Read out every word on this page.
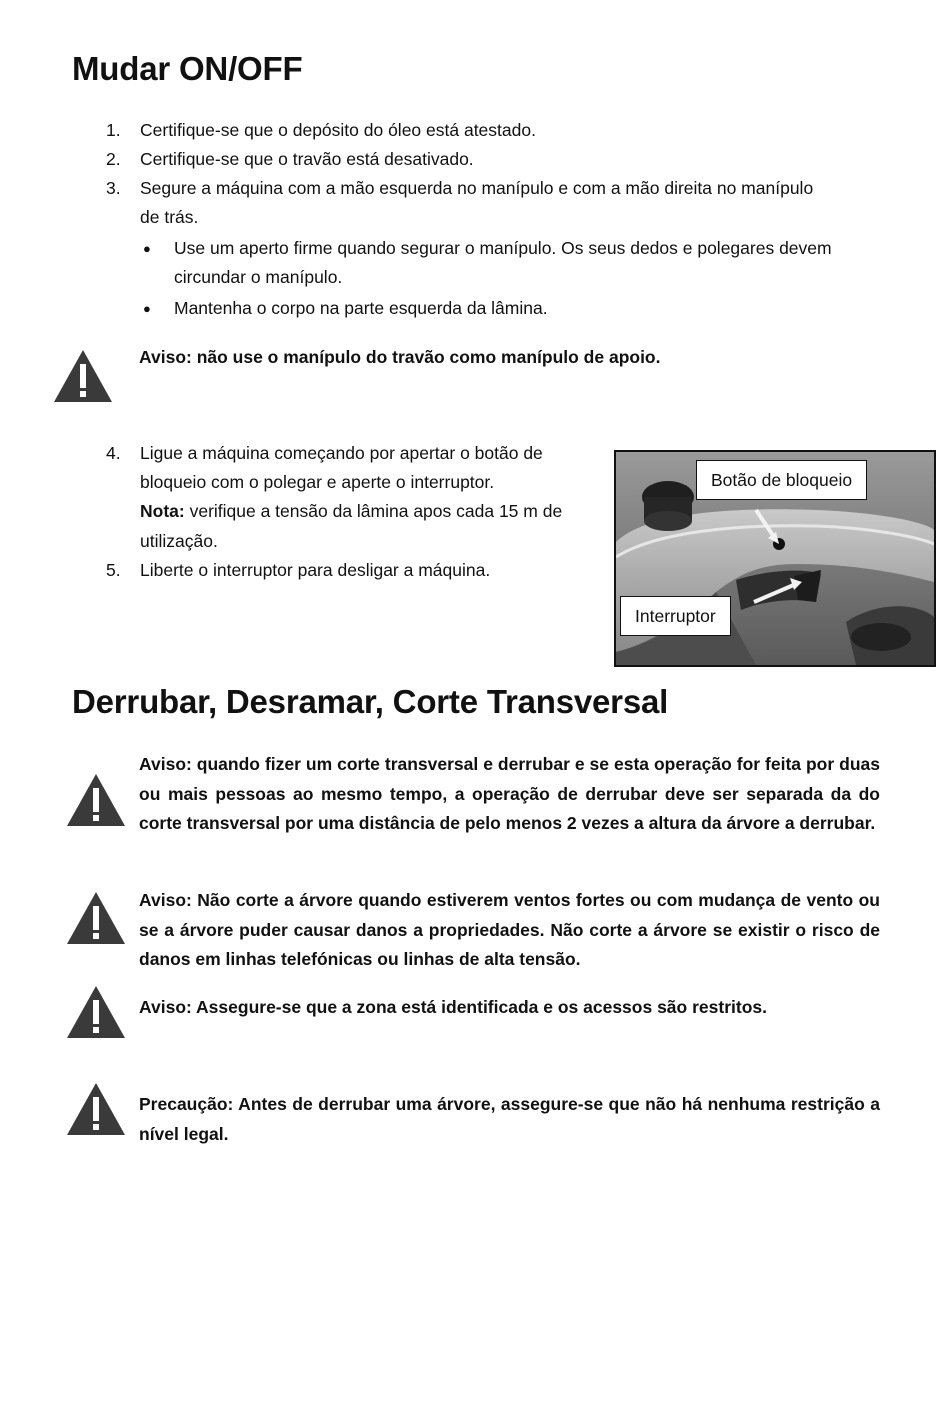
Mudar ON/OFF
1. Certifique-se que o depósito do óleo está atestado.
2. Certifique-se que o travão está desativado.
3. Segure a máquina com a mão esquerda no manípulo e com a mão direita no manípulo
de trás.
● Use um aperto firme quando segurar o manípulo. Os seus dedos e polegares devem
circundar o manípulo.
● Mantenha o corpo na parte esquerda da lâmina.
Aviso: não use o manípulo do travão como manípulo de apoio.
4. Ligue a máquina começando por apertar o botão de
bloqueio com o polegar e aperte o interruptor.
Nota: verifique a tensão da lâmina apos cada 15 m de
utilização.
5. Liberte o interruptor para desligar a máquina.
Botão de bloqueio
Interruptor
Derrubar, Desramar, Corte Transversal
Aviso: quando fizer um corte transversal e derrubar e se esta operação for feita por duas ou mais pessoas ao mesmo tempo, a operação de derrubar deve ser separada da do corte transversal por uma distância de pelo menos 2 vezes a altura da árvore a derrubar.
Aviso: Não corte a árvore quando estiverem ventos fortes ou com mudança de vento ou se a árvore puder causar danos a propriedades. Não corte a árvore se existir o risco de danos em linhas telefónicas ou linhas de alta tensão.
Aviso: Assegure-se que a zona está identificada e os acessos são restritos.
Precaução: Antes de derrubar uma árvore, assegure-se que não há nenhuma restrição a nível legal.
